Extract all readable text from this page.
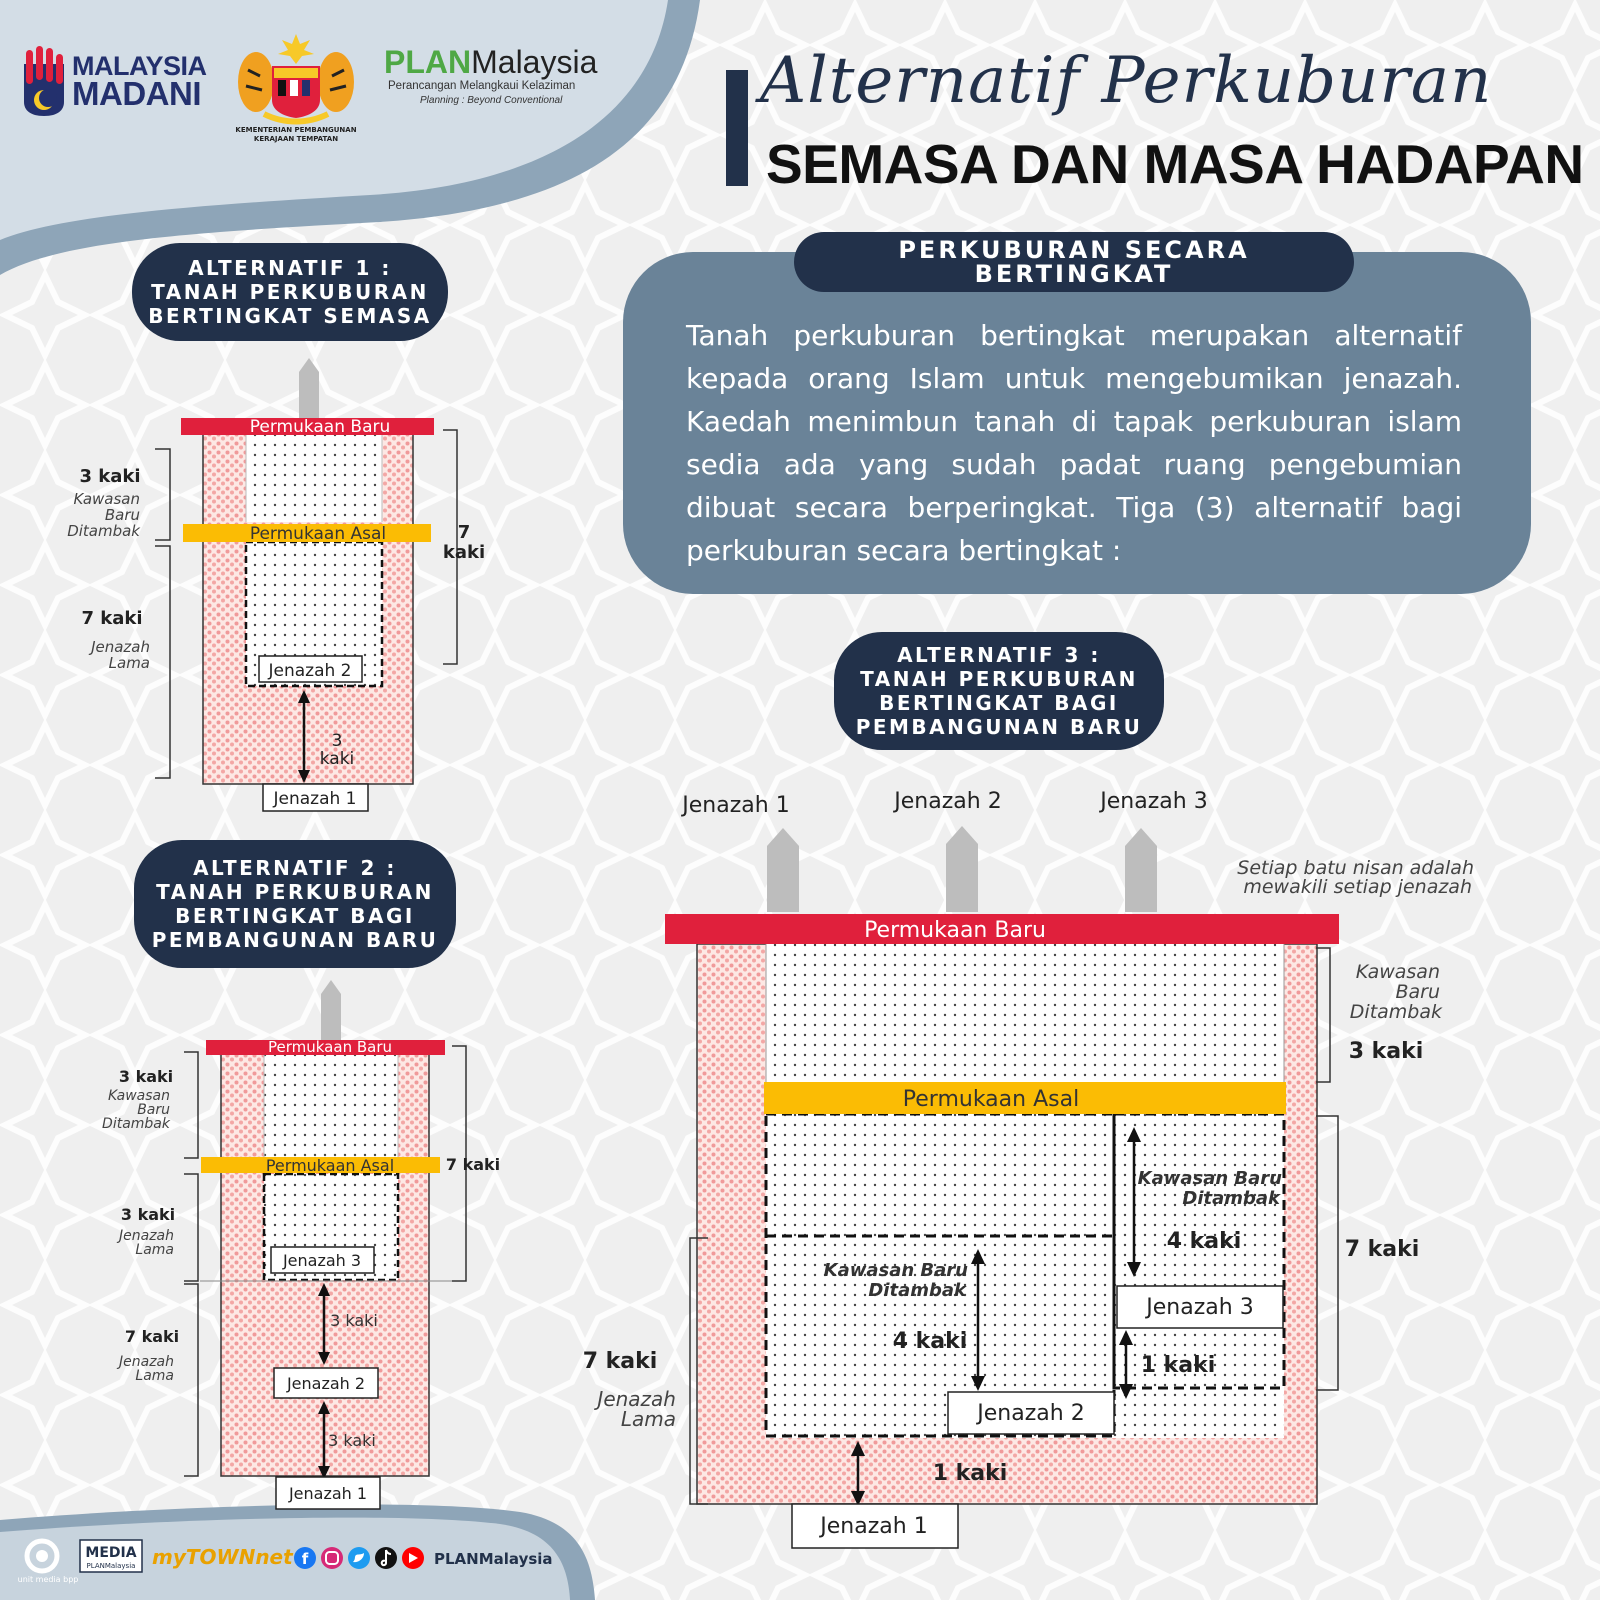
MALAYSIA
MADANI
KEMENTERIAN PEMBANGUNAN
KERAJAAN TEMPATAN
PLANMalaysia
Perancangan Melangkaui Kelaziman
Planning : Beyond Conventional	Alternatif Perkuburan
SEMASA DAN MASA HADAPAN
PERKUBURAN SECARA BERTINGKAT
Tanah perkuburan bertingkat merupakan alternatif kepada orang Islam untuk mengebumikan jenazah. Kaedah menimbun tanah di tapak perkuburan islam sedia ada yang sudah padat ruang pengebumian dibuat secara berperingkat. Tiga (3) alternatif bagi perkuburan secara bertingkat :
ALTERNATIF 1 :
TANAH PERKUBURAN
BERTINGKAT SEMASA
ALTERNATIF 2 :
TANAH PERKUBURAN
BERTINGKAT BAGI
PEMBANGUNAN BARU
ALTERNATIF 3 :
TANAH PERKUBURAN
BERTINGKAT BAGI
PEMBANGUNAN BARU
Permukaan Baru
Permukaan Asal
Jenazah 2
3
kaki
Jenazah 1
3 kaki
Kawasan
Baru
Ditambak
7 kaki
Jenazah
Lama
7
kaki
Permukaan Baru
Permukaan Asal
Jenazah 3
3 kaki
Jenazah 2
3 kaki
Jenazah 1
3 kaki
Kawasan
Baru
Ditambak
3 kaki
Jenazah
Lama
7 kaki
Jenazah
Lama
7 kaki
Jenazah 1	Jenazah 2	Jenazah 3
Setiap batu nisan adalah
mewakili setiap jenazah
Permukaan Baru
Permukaan Asal
Kawasan Baru
Ditambak
4 kaki
Jenazah 3
1 kaki
Kawasan Baru
Ditambak
4 kaki
Jenazah 2
1 kaki
Jenazah 1
Kawasan
Baru
Ditambak
3 kaki
7 kaki
7 kaki
Jenazah
Lama
unit media bpp
MEDIA
PLANMalaysia myTOWNnet f	PLANMalaysia
